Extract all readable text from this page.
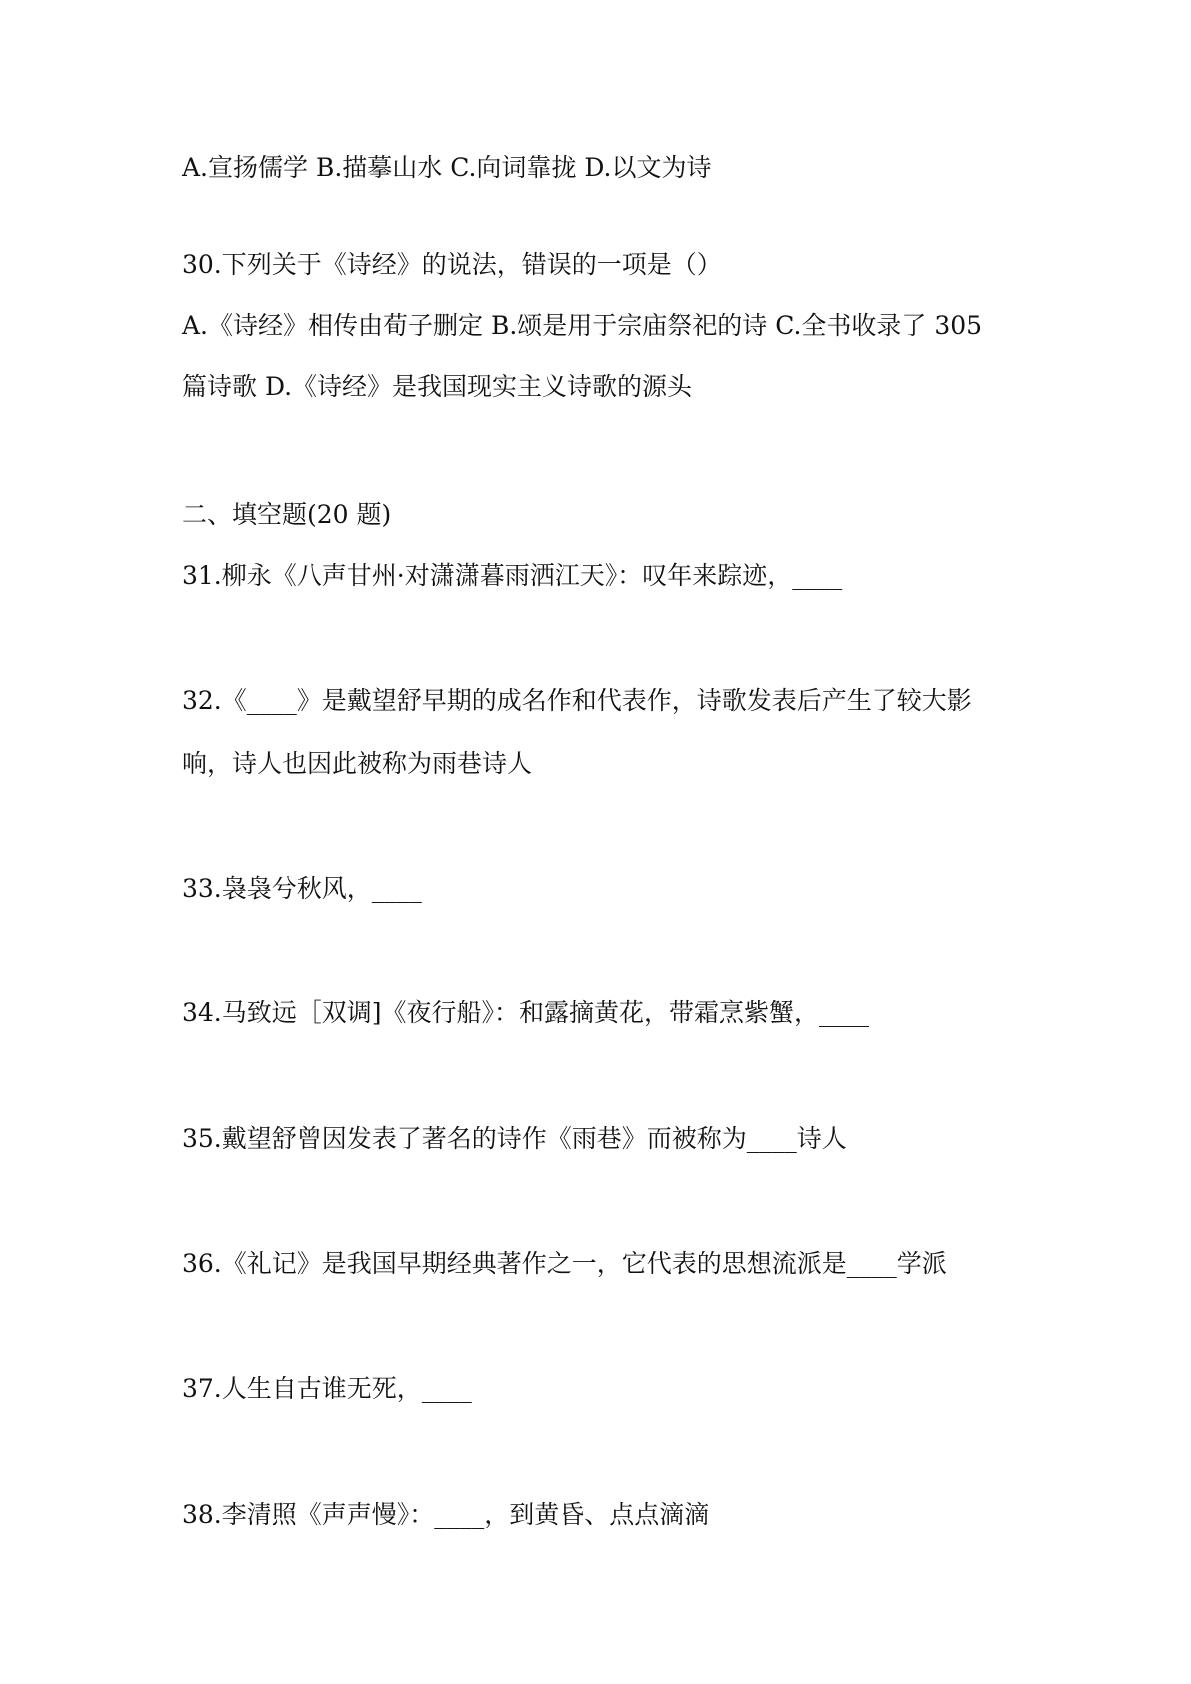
A.宣扬儒学 B.描摹山水 C.向词靠拢 D.以文为诗

30.下列关于《诗经》的说法，错误的一项是（）

A.《诗经》相传由荀子删定 B.颂是用于宗庙祭祀的诗 C.全书收录了 305

篇诗歌 D.《诗经》是我国现实主义诗歌的源头

二、填空题(20 题)

31.柳永《八声甘州·对潇潇暮雨洒江天》：叹年来踪迹，____

32.《____》是戴望舒早期的成名作和代表作，诗歌发表后产生了较大影

响，诗人也因此被称为雨巷诗人

33.袅袅兮秋风，____

34.马致远［双调]《夜行船》：和露摘黄花，带霜烹紫蟹，____

35.戴望舒曾因发表了著名的诗作《雨巷》而被称为____诗人

36.《礼记》是我国早期经典著作之一，它代表的思想流派是____学派

37.人生自古谁无死，____

38.李清照《声声慢》：____，到黄昏、点点滴滴
